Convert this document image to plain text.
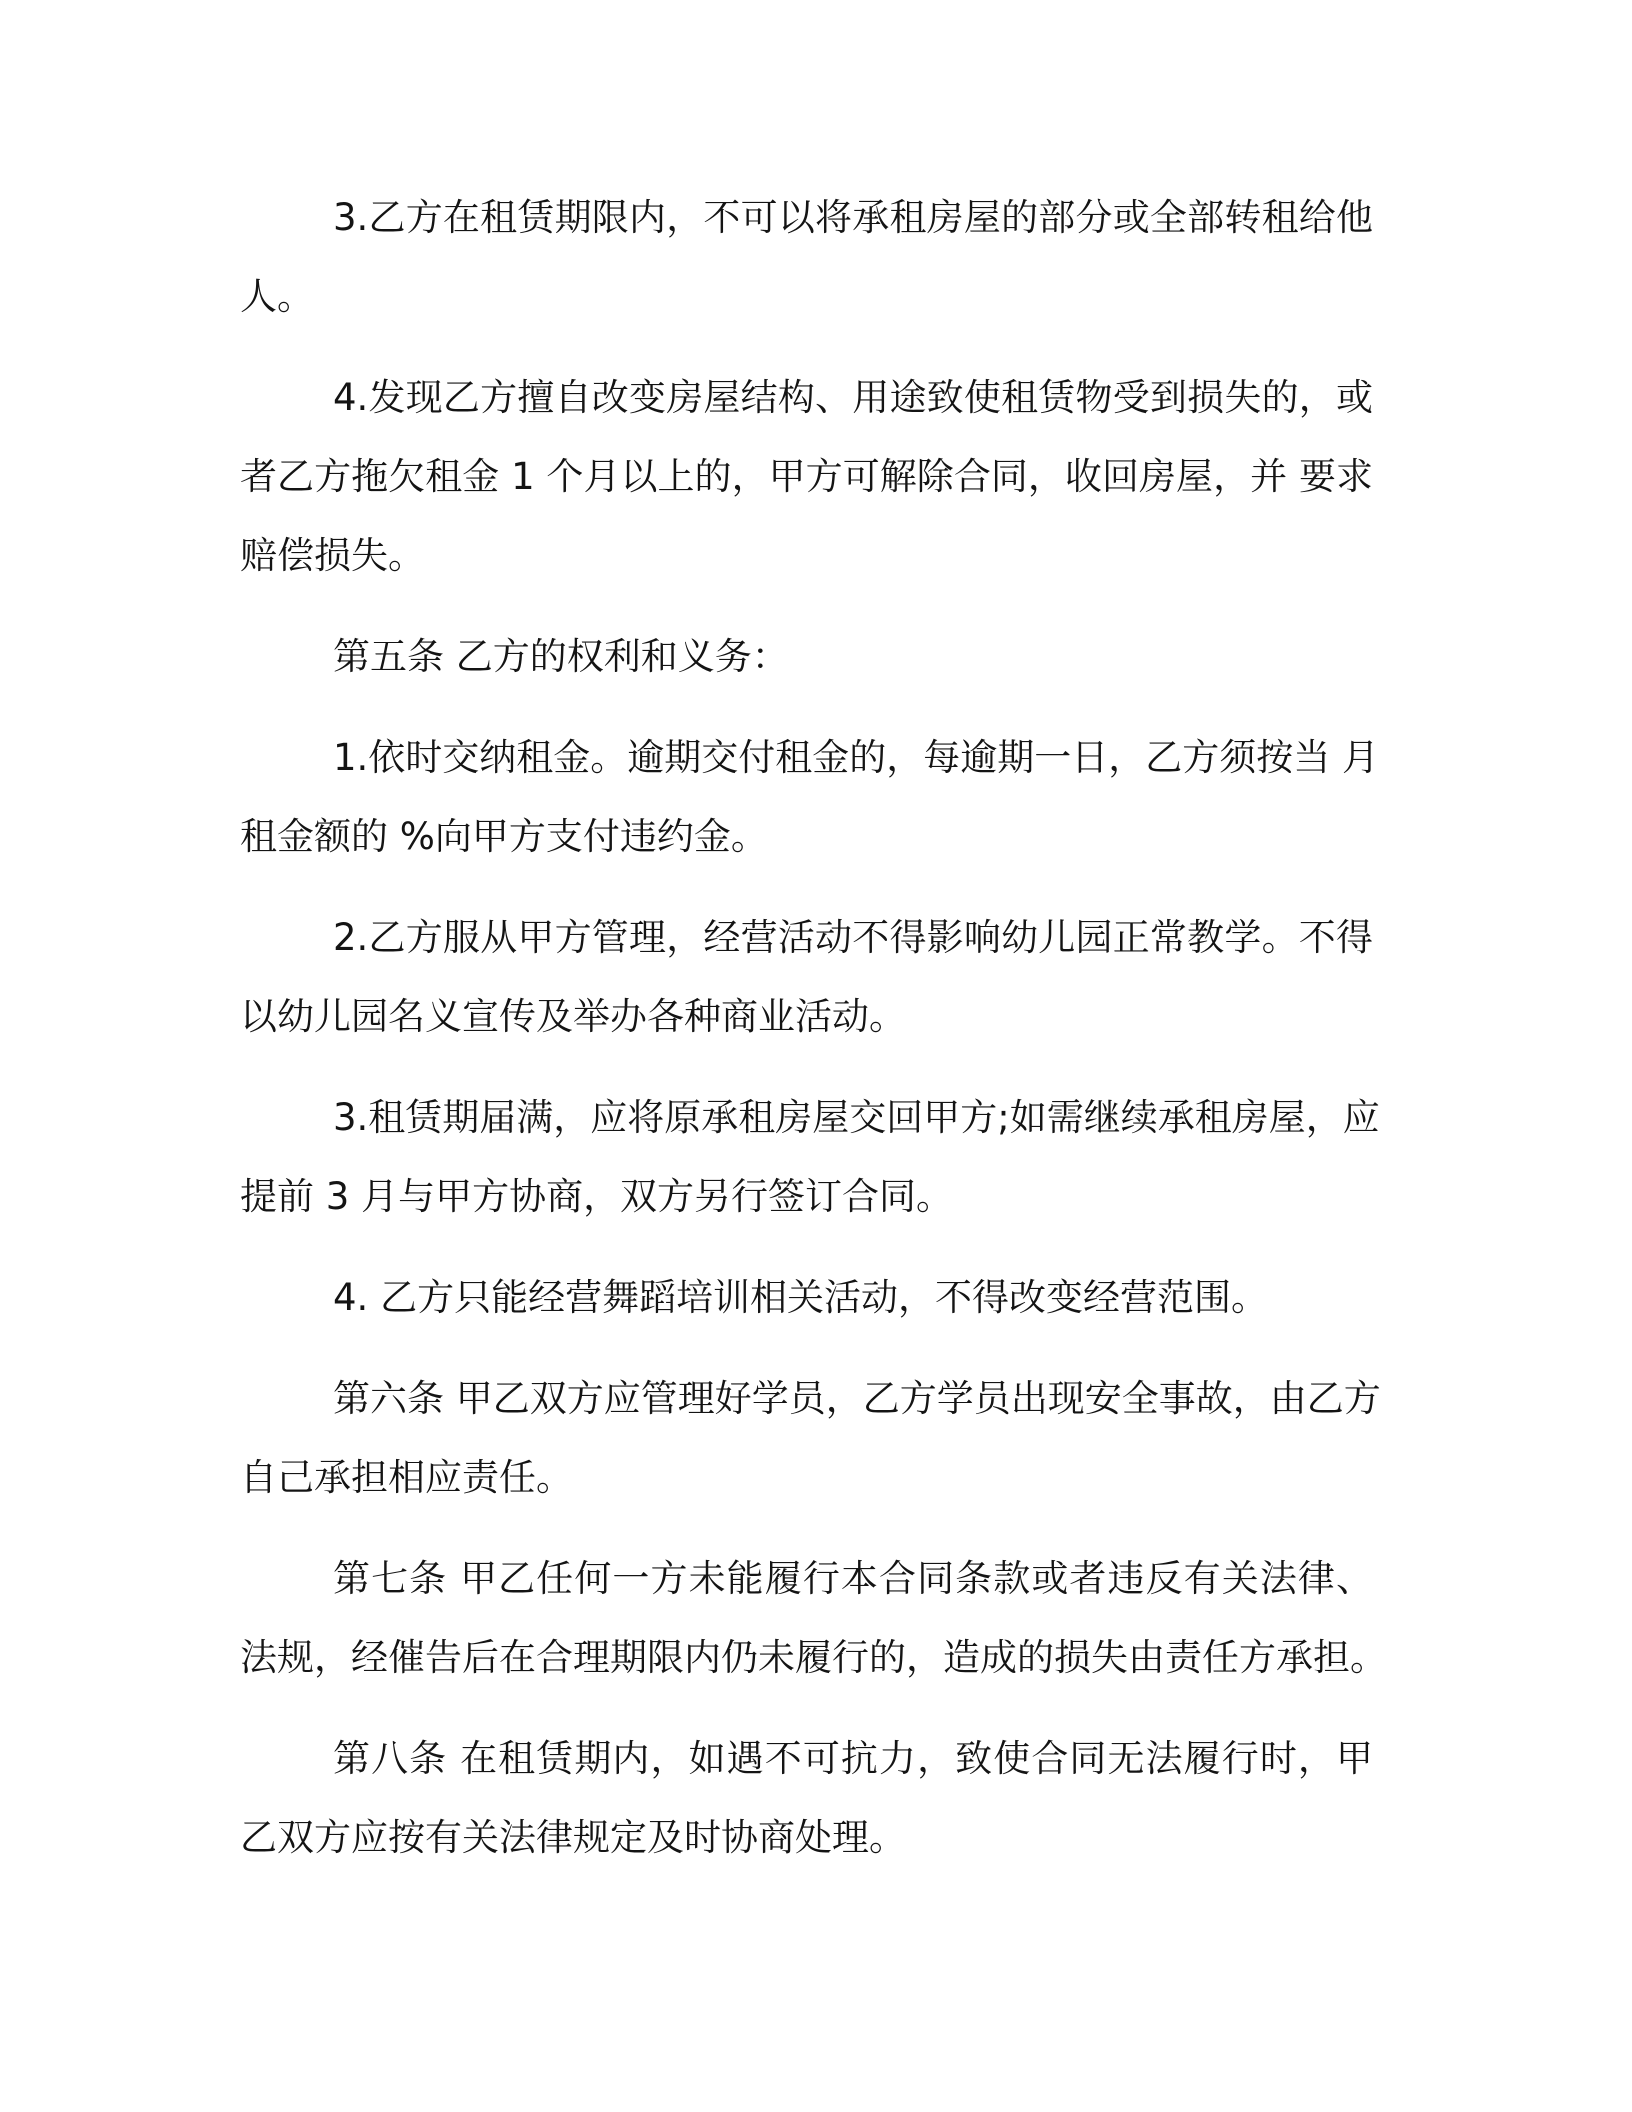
3.乙方在租赁期限内，不可以将承租房屋的部分或全部转租给他
人。

4.发现乙方擅自改变房屋结构、用途致使租赁物受到损失的，或
者乙方拖欠租金 1 个月以上的，甲方可解除合同，收回房屋，并 要求
赔偿损失。

第五条 乙方的权利和义务：

1.依时交纳租金。逾期交付租金的，每逾期一日，乙方须按当 月
租金额的 %向甲方支付违约金。

2.乙方服从甲方管理，经营活动不得影响幼儿园正常教学。不得
以幼儿园名义宣传及举办各种商业活动。

3.租赁期届满，应将原承租房屋交回甲方;如需继续承租房屋，应
提前 3 月与甲方协商，双方另行签订合同。

4. 乙方只能经营舞蹈培训相关活动，不得改变经营范围。

第六条 甲乙双方应管理好学员，乙方学员出现安全事故，由乙方
自己承担相应责任。

第七条 甲乙任何一方未能履行本合同条款或者违反有关法律、
法规，经催告后在合理期限内仍未履行的，造成的损失由责任方承担。

第八条 在租赁期内，如遇不可抗力，致使合同无法履行时，甲
乙双方应按有关法律规定及时协商处理。
